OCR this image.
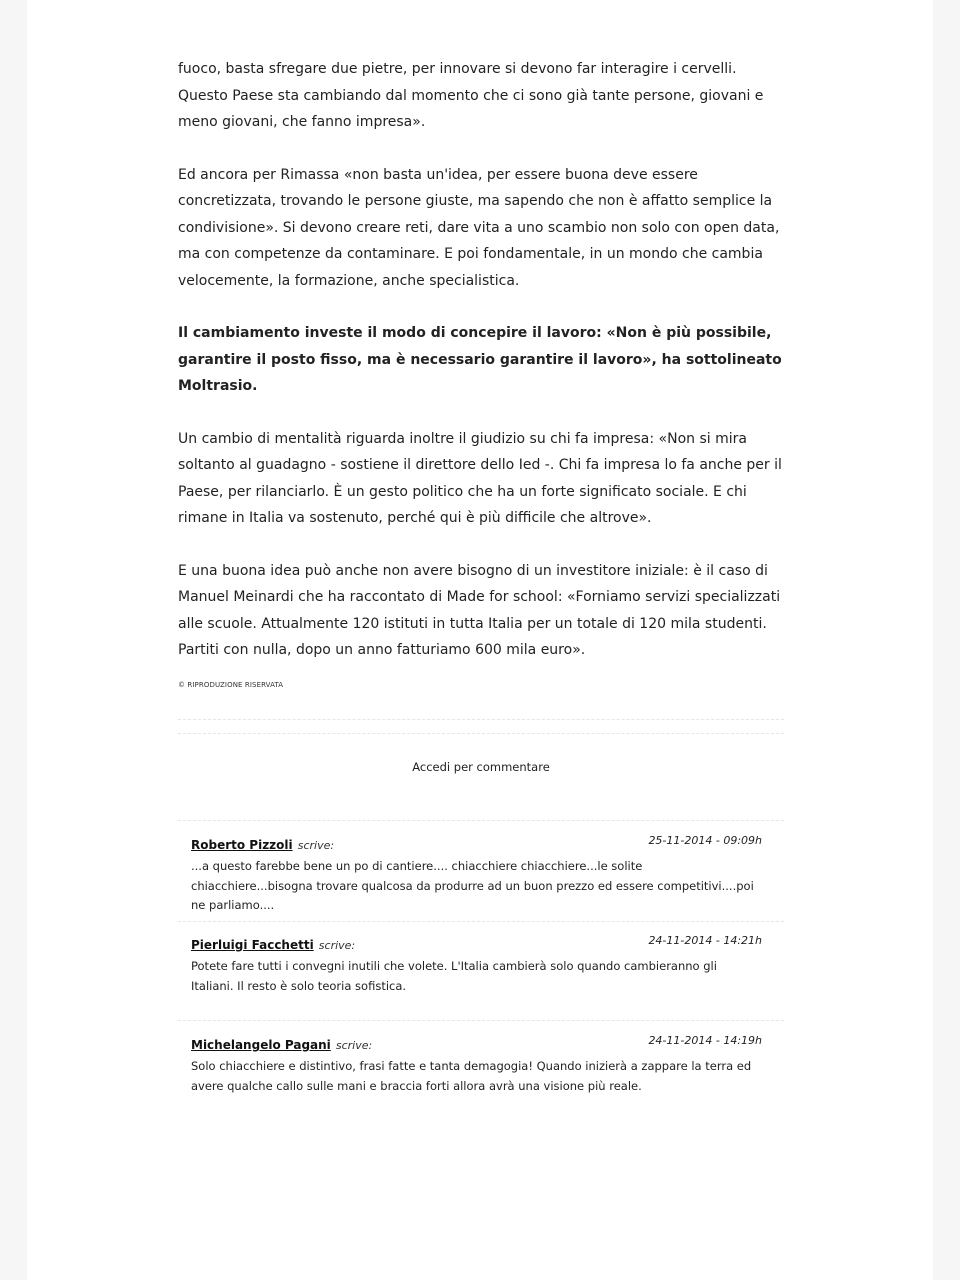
fuoco, basta sfregare due pietre, per innovare si devono far interagire i cervelli. Questo Paese sta cambiando dal momento che ci sono già tante persone, giovani e meno giovani, che fanno impresa».

Ed ancora per Rimassa «non basta un'idea, per essere buona deve essere concretizzata, trovando le persone giuste, ma sapendo che non è affatto semplice la condivisione». Si devono creare reti, dare vita a uno scambio non solo con open data, ma con competenze da contaminare. E poi fondamentale, in un mondo che cambia velocemente, la formazione, anche specialistica.

Il cambiamento investe il modo di concepire il lavoro: «Non è più possibile, garantire il posto fisso, ma è necessario garantire il lavoro», ha sottolineato Moltrasio.

Un cambio di mentalità riguarda inoltre il giudizio su chi fa impresa: «Non si mira soltanto al guadagno - sostiene il direttore dello Ied -. Chi fa impresa lo fa anche per il Paese, per rilanciarlo. È un gesto politico che ha un forte significato sociale. E chi rimane in Italia va sostenuto, perché qui è più difficile che altrove».

E una buona idea può anche non avere bisogno di un investitore iniziale: è il caso di Manuel Meinardi che ha raccontato di Made for school: «Forniamo servizi specializzati alle scuole. Attualmente 120 istituti in tutta Italia per un totale di 120 mila studenti. Partiti con nulla, dopo un anno fatturiamo 600 mila euro».

© RIPRODUZIONE RISERVATA
Accedi per commentare
Roberto Pizzoli scrive:	25-11-2014 - 09:09h
...a questo farebbe bene un po di cantiere.... chiacchiere chiacchiere...le solite chiacchiere...bisogna trovare qualcosa da produrre ad un buon prezzo ed essere competitivi....poi ne parliamo....
Pierluigi Facchetti scrive:	24-11-2014 - 14:21h
Potete fare tutti i convegni inutili che volete. L'Italia cambierà solo quando cambieranno gli Italiani. Il resto è solo teoria sofistica.
Michelangelo Pagani scrive:	24-11-2014 - 14:19h
Solo chiacchiere e distintivo, frasi fatte e tanta demagogia! Quando inizierà a zappare la terra ed avere qualche callo sulle mani e braccia forti allora avrà una visione più reale.
